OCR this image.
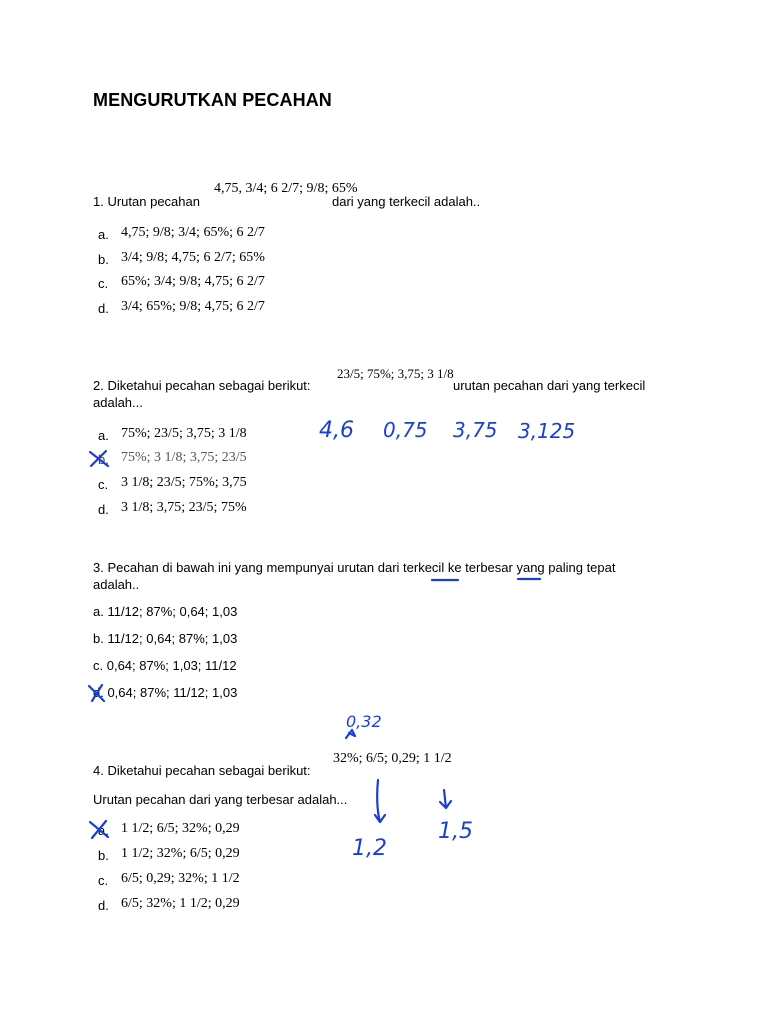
MENGURUTKAN PECAHAN
1. Urutan pecahan
4,75, 3/4; 6 2/7; 9/8; 65%
dari yang terkecil adalah..
a. 4,75; 9/8; 3/4; 65%; 6 2/7
b. 3/4; 9/8; 4,75; 6 2/7; 65%
c. 65%; 3/4; 9/8; 4,75; 6 2/7
d. 3/4; 65%; 9/8; 4,75; 6 2/7
2. Diketahui pecahan sebagai berikut:
23/5; 75%; 3,75; 3 1/8
urutan pecahan dari yang terkecil
adalah...
a. 75%; 23/5; 3,75; 3 1/8
b. 75%; 3 1/8; 3,75; 23/5
c. 3 1/8; 23/5; 75%; 3,75
d. 3 1/8; 3,75; 23/5; 75%
3. Pecahan di bawah ini yang mempunyai urutan dari terkecil ke terbesar yang paling tepat
adalah..
a. 11/12; 87%; 0,64; 1,03
b. 11/12; 0,64; 87%; 1,03
c. 0,64; 87%; 1,03; 11/12
d. 0,64; 87%; 11/12; 1,03
4. Diketahui pecahan sebagai berikut:
32%; 6/5; 0,29; 1 1/2
Urutan pecahan dari yang terbesar adalah...
a. 1 1/2; 6/5; 32%; 0,29
b. 1 1/2; 32%; 6/5; 0,29
c. 6/5; 0,29; 32%; 1 1/2
d. 6/5; 32%; 1 1/2; 0,29
4,6 0,75 3,75 3,125
0,32
1,2
1,5
